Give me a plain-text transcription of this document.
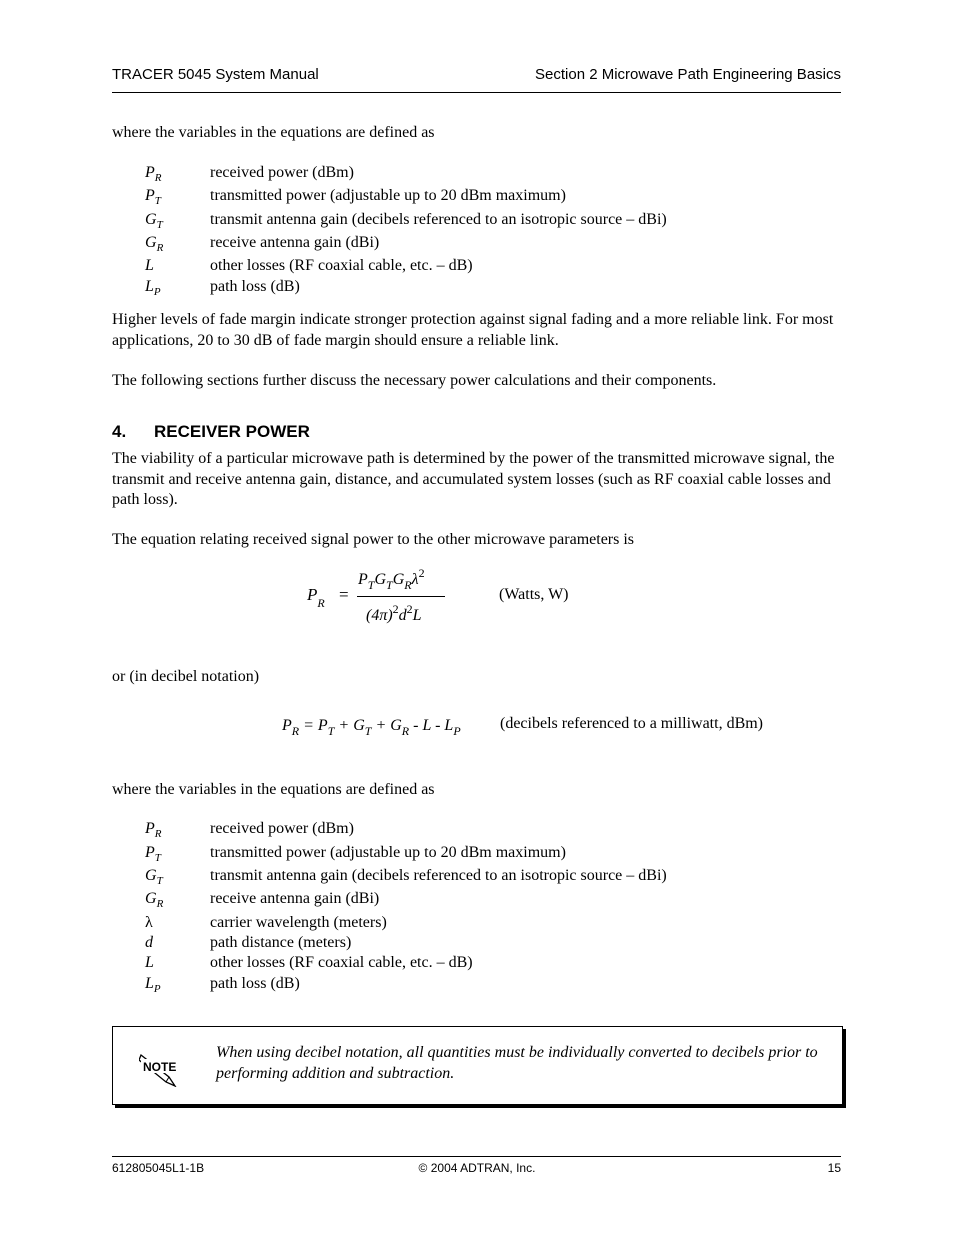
TRACER 5045 System Manual	Section 2 Microwave Path Engineering Basics
where the variables in the equations are defined as
$P_R$	received power (dBm)
$P_T$	transmitted power (adjustable up to 20 dBm maximum)
$G_T$	transmit antenna gain (decibels referenced to an isotropic source – dBi)
$G_R$	receive antenna gain (dBi)
L	other losses (RF coaxial cable, etc. – dB)
$L_P$	path loss (dB)
Higher levels of fade margin indicate stronger protection against signal fading and a more reliable link. For most applications, 20 to 30 dB of fade margin should ensure a reliable link.
The following sections further discuss the necessary power calculations and their components.
4. RECEIVER POWER
The viability of a particular microwave path is determined by the power of the transmitted microwave signal, the transmit and receive antenna gain, distance, and accumulated system losses (such as RF coaxial cable losses and path loss).
The equation relating received signal power to the other microwave parameters is
$P_R$ =
$P_TG_TG_R\lambda^2$
$(4\pi)^2d^2L$
(Watts, W)
or (in decibel notation)
$P_R = P_T + G_T + G_R - L - L_P$ (decibels referenced to a milliwatt, dBm)
where the variables in the equations are defined as
$P_R$	received power (dBm)
$P_T$	transmitted power (adjustable up to 20 dBm maximum)
$G_T$	transmit antenna gain (decibels referenced to an isotropic source – dBi)
$G_R$	receive antenna gain (dBi)
λ	carrier wavelength (meters)
d	path distance (meters)
L	other losses (RF coaxial cable, etc. – dB)
$L_P$	path loss (dB)
NOTE
When using decibel notation, all quantities must be individually converted to decibels prior to performing addition and subtraction.
612805045L1-1B	© 2004 ADTRAN, Inc.	15
